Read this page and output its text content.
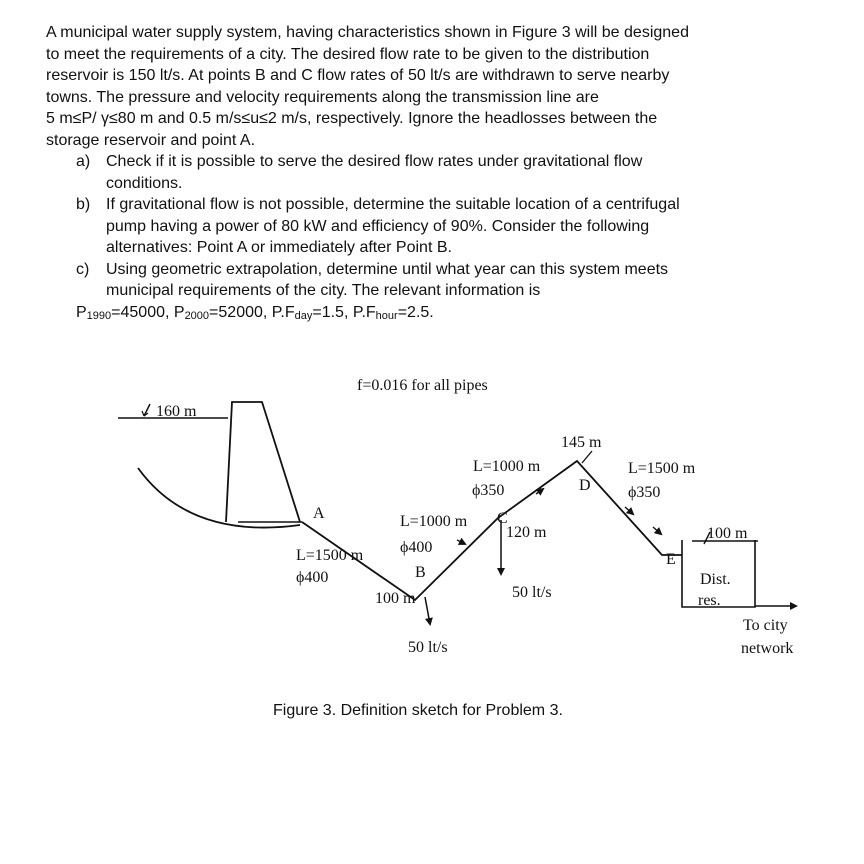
A municipal water supply system, having characteristics shown in Figure 3 will be designed
to meet the requirements of a city. The desired flow rate to be given to the distribution
reservoir is 150 lt/s. At points B and C flow rates of 50 lt/s are withdrawn to serve nearby
towns. The pressure and velocity requirements along the transmission line are
5 m≤P/ γ≤80 m and 0.5 m/s≤u≤2 m/s, respectively. Ignore the headlosses between the
storage reservoir and point A.
a) Check if it is possible to serve the desired flow rates under gravitational flow
conditions.
b) If gravitational flow is not possible, determine the suitable location of a centrifugal
pump having a power of 80 kW and efficiency of 90%. Consider the following
alternatives: Point A or immediately after Point B.
c) Using geometric extrapolation, determine until what year can this system meets
municipal requirements of the city. The relevant information is
$P_{1990}=45000$, $P_{2000}=52000$, $P.F_{day}=1.5$, $P.F_{hour}=2.5$.
f=0.016 for all pipes
160 m
A
B
C
D
E
L=1500 m
ϕ400
L=1000 m
ϕ400
L=1000 m
ϕ350
L=1500 m
ϕ350
100 m
120 m
145 m
50 lt/s
50 lt/s
100 m
Dist.
res.
To city
network
Figure 3. Definition sketch for Problem 3.
